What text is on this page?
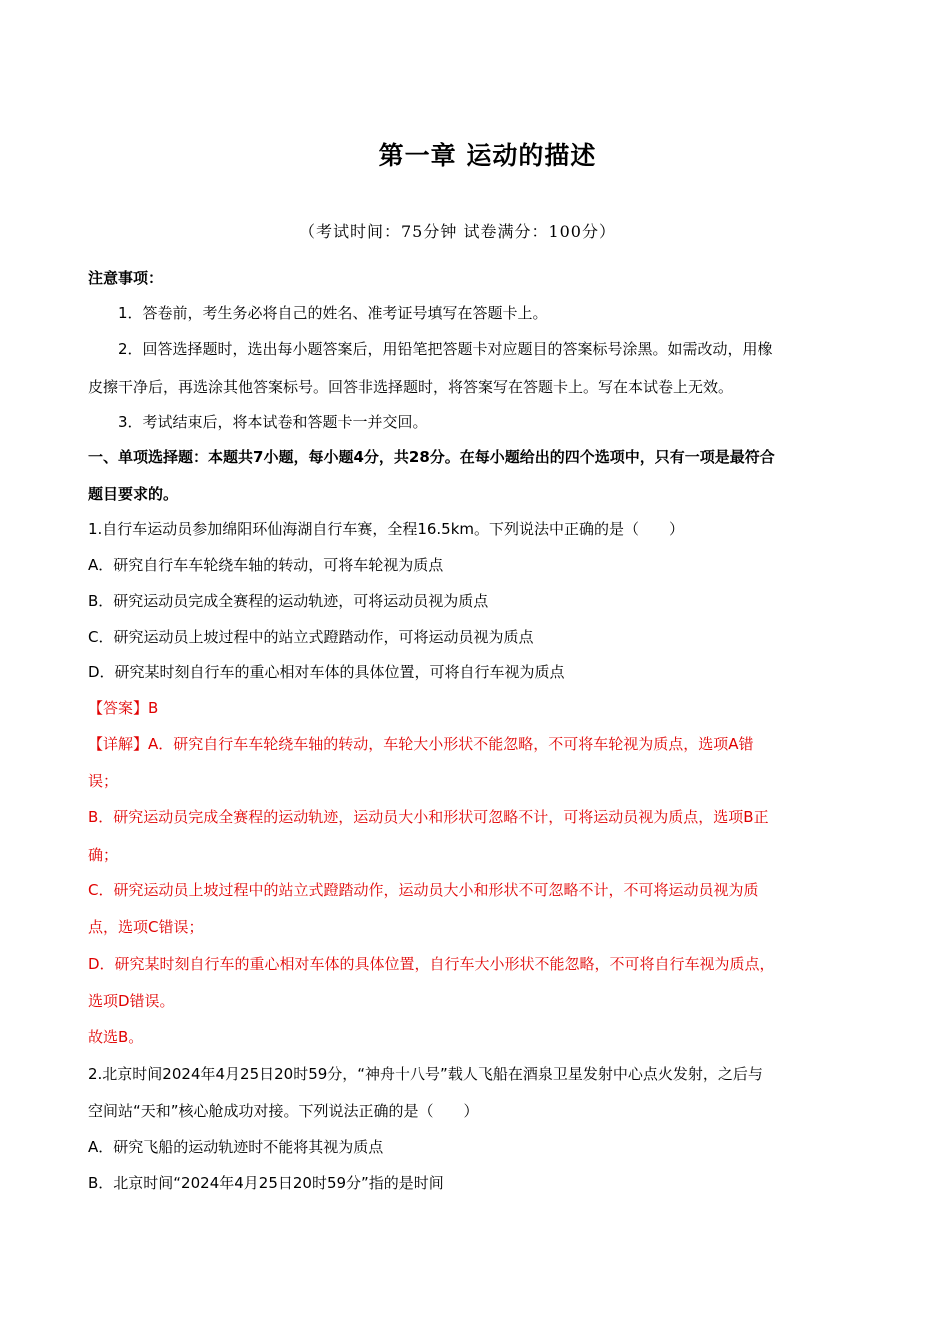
第一章 运动的描述
（考试时间：75分钟 试卷满分：100分）
注意事项：
1．答卷前，考生务必将自己的姓名、准考证号填写在答题卡上。
2．回答选择题时，选出每小题答案后，用铅笔把答题卡对应题目的答案标号涂黑。如需改动，用橡
皮擦干净后，再选涂其他答案标号。回答非选择题时，将答案写在答题卡上。写在本试卷上无效。
3．考试结束后，将本试卷和答题卡一并交回。
一、单项选择题：本题共7小题，每小题4分，共28分。在每小题给出的四个选项中，只有一项是最符合
题目要求的。
1.自行车运动员参加绵阳环仙海湖自行车赛，全程16.5km。下列说法中正确的是（　　）
A．研究自行车车轮绕车轴的转动，可将车轮视为质点
B．研究运动员完成全赛程的运动轨迹，可将运动员视为质点
C．研究运动员上坡过程中的站立式蹬踏动作，可将运动员视为质点
D．研究某时刻自行车的重心相对车体的具体位置，可将自行车视为质点
【答案】B
【详解】A．研究自行车车轮绕车轴的转动，车轮大小形状不能忽略，不可将车轮视为质点，选项A错
误；
B．研究运动员完成全赛程的运动轨迹，运动员大小和形状可忽略不计，可将运动员视为质点，选项B正
确；
C．研究运动员上坡过程中的站立式蹬踏动作，运动员大小和形状不可忽略不计，不可将运动员视为质
点，选项C错误；
D．研究某时刻自行车的重心相对车体的具体位置，自行车大小形状不能忽略，不可将自行车视为质点，
选项D错误。
故选B。
2.北京时间2024年4月25日20时59分，“神舟十八号”载人飞船在酒泉卫星发射中心点火发射，之后与
空间站“天和”核心舱成功对接。下列说法正确的是（　　）
A．研究飞船的运动轨迹时不能将其视为质点
B．北京时间“2024年4月25日20时59分”指的是时间
